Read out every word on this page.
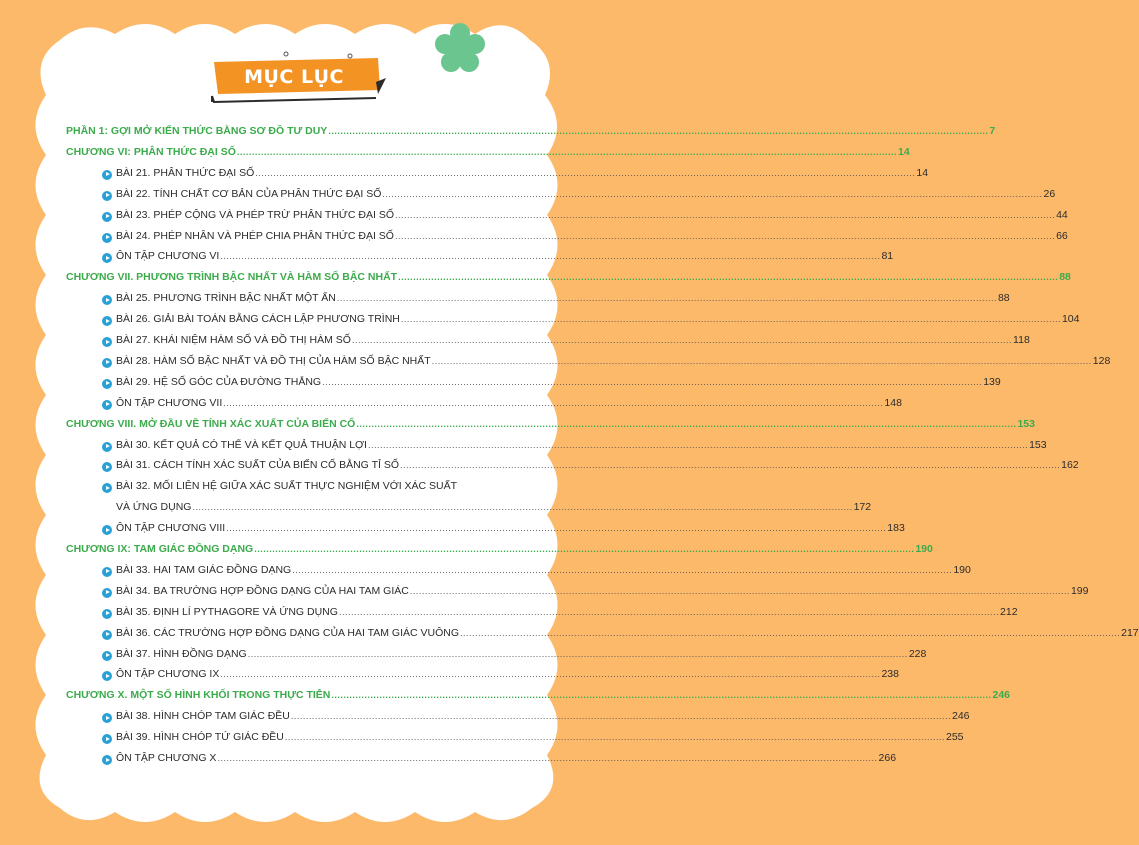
MỤC LỤC
PHẦN 1: GỢI MỞ KIẾN THỨC BẰNG SƠ ĐỒ TƯ DUY ............................................................................................................................................................................................................................ 7
CHƯƠNG VI: PHÂN THỨC ĐẠI SỐ ............................................................................................................................................................................................................................ 14
BÀI 21. PHÂN THỨC ĐẠI SỐ ............................................................................................................................................................................................................................ 14
BÀI 22. TÍNH CHẤT CƠ BẢN CỦA PHÂN THỨC ĐẠI SỐ ............................................................................................................................................................................................................................ 26
BÀI 23. PHÉP CỘNG VÀ PHÉP TRỪ PHÂN THỨC ĐẠI SỐ ............................................................................................................................................................................................................................ 44
BÀI 24. PHÉP NHÂN VÀ PHÉP CHIA PHÂN THỨC ĐẠI SỐ ............................................................................................................................................................................................................................ 66
ÔN TẬP CHƯƠNG VI ............................................................................................................................................................................................................................ 81
CHƯƠNG VII. PHƯƠNG TRÌNH BẬC NHẤT VÀ HÀM SỐ BẬC NHẤT ............................................................................................................................................................................................................................ 88
BÀI 25. PHƯƠNG TRÌNH BẬC NHẤT MỘT ẨN ............................................................................................................................................................................................................................ 88
BÀI 26. GIẢI BÀI TOÁN BẰNG CÁCH LẬP PHƯƠNG TRÌNH ............................................................................................................................................................................................................................ 104
BÀI 27. KHÁI NIỆM HÀM SỐ VÀ ĐỒ THỊ HÀM SỐ ............................................................................................................................................................................................................................ 118
BÀI 28. HÀM SỐ BẬC NHẤT VÀ ĐỒ THỊ CỦA HÀM SỐ BẬC NHẤT ............................................................................................................................................................................................................................ 128
BÀI 29. HỆ SỐ GÓC CỦA ĐƯỜNG THẲNG ............................................................................................................................................................................................................................ 139
ÔN TẬP CHƯƠNG VII ............................................................................................................................................................................................................................ 148
CHƯƠNG VIII. MỞ ĐẦU VỀ TÍNH XÁC XUẤT CỦA BIẾN CỐ ............................................................................................................................................................................................................................ 153
BÀI 30. KẾT QUẢ CÓ THỂ VÀ KẾT QUẢ THUẬN LỢI ............................................................................................................................................................................................................................ 153
BÀI 31. CÁCH TÍNH XÁC SUẤT CỦA BIẾN CỐ BẰNG TỈ SỐ ............................................................................................................................................................................................................................ 162
BÀI 32. MỐI LIÊN HỆ GIỮA XÁC SUẤT THỰC NGHIỆM VỚI XÁC SUẤT
VÀ ỨNG DỤNG ............................................................................................................................................................................................................................ 172
ÔN TẬP CHƯƠNG VIII ............................................................................................................................................................................................................................ 183
CHƯƠNG IX: TAM GIÁC ĐỒNG DẠNG ............................................................................................................................................................................................................................ 190
BÀI 33. HAI TAM GIÁC ĐỒNG DẠNG ............................................................................................................................................................................................................................ 190
BÀI 34. BA TRƯỜNG HỢP ĐỒNG DẠNG CỦA HAI TAM GIÁC ............................................................................................................................................................................................................................ 199
BÀI 35. ĐỊNH LÍ PYTHAGORE VÀ ỨNG DỤNG ............................................................................................................................................................................................................................ 212
BÀI 36. CÁC TRƯỜNG HỢP ĐỒNG DẠNG CỦA HAI TAM GIÁC VUÔNG ............................................................................................................................................................................................................................ 217
BÀI 37. HÌNH ĐỒNG DẠNG ............................................................................................................................................................................................................................ 228
ÔN TẬP CHƯƠNG IX ............................................................................................................................................................................................................................ 238
CHƯƠNG X. MỘT SỐ HÌNH KHỐI TRONG THỰC TIỄN ............................................................................................................................................................................................................................ 246
BÀI 38. HÌNH CHÓP TAM GIÁC ĐỀU ............................................................................................................................................................................................................................ 246
BÀI 39. HÌNH CHÓP TỨ GIÁC ĐỀU ............................................................................................................................................................................................................................ 255
ÔN TẬP CHƯƠNG X ............................................................................................................................................................................................................................ 266
